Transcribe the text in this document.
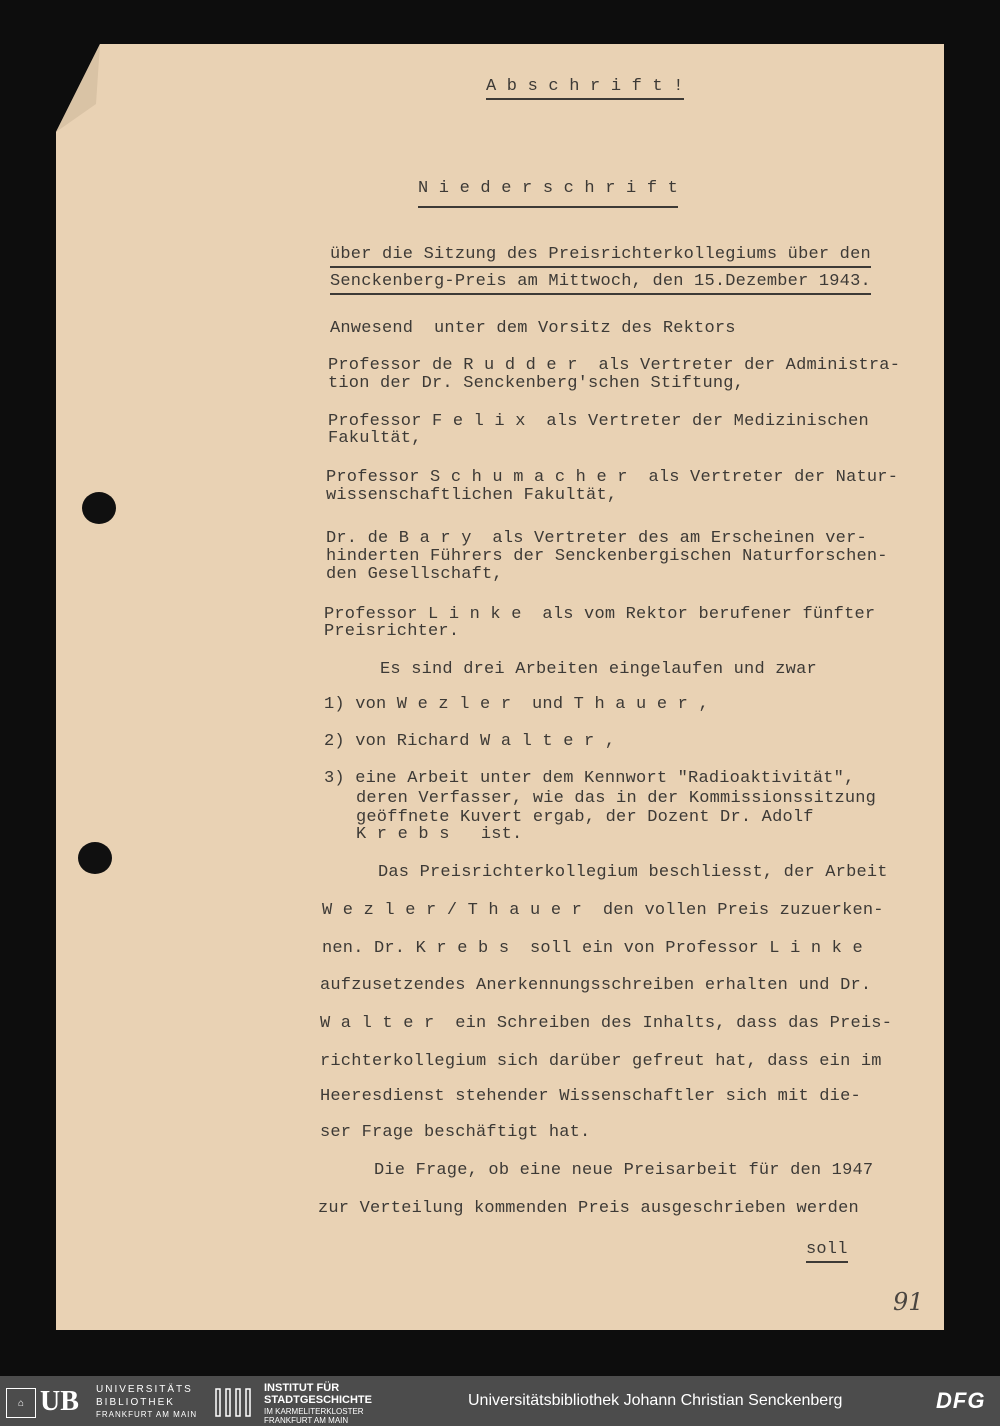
A b s c h r i f t !
N i e d e r s c h r i f t
über die Sitzung des Preisrichterkollegiums über den
Senckenberg-Preis am Mittwoch, den 15.Dezember 1943.
Anwesend  unter dem Vorsitz des Rektors
Professor de R u d d e r  als Vertreter der Administra-
tion der Dr. Senckenberg'schen Stiftung,
Professor F e l i x  als Vertreter der Medizinischen
Fakultät,
Professor S c h u m a c h e r  als Vertreter der Natur-
wissenschaftlichen Fakultät,
Dr. de B a r y  als Vertreter des am Erscheinen ver-
hinderten Führers der Senckenbergischen Naturforschen-
den Gesellschaft,
Professor L i n k e  als vom Rektor berufener fünfter
Preisrichter.
Es sind drei Arbeiten eingelaufen und zwar
1) von W e z l e r  und T h a u e r ,
2) von Richard W a l t e r ,
3) eine Arbeit unter dem Kennwort "Radioaktivität",
deren Verfasser, wie das in der Kommissionssitzung
geöffnete Kuvert ergab, der Dozent Dr. Adolf
K r e b s   ist.
Das Preisrichterkollegium beschliesst, der Arbeit
W e z l e r / T h a u e r  den vollen Preis zuzuerken-
nen. Dr. K r e b s  soll ein von Professor L i n k e
aufzusetzendes Anerkennungsschreiben erhalten und Dr.
W a l t e r  ein Schreiben des Inhalts, dass das Preis-
richterkollegium sich darüber gefreut hat, dass ein im
Heeresdienst stehender Wissenschaftler sich mit die-
ser Frage beschäftigt hat.
Die Frage, ob eine neue Preisarbeit für den 1947
zur Verteilung kommenden Preis ausgeschrieben werden
soll
91
⌂ UB UNIVERSITÄTS
BIBLIOTHEK
FRANKFURT AM MAIN
INSTITUT FÜR
STADTGESCHICHTE
IM KARMELITERKLOSTER
FRANKFURT AM MAIN
Universitätsbibliothek Johann Christian Senckenberg	DFG
